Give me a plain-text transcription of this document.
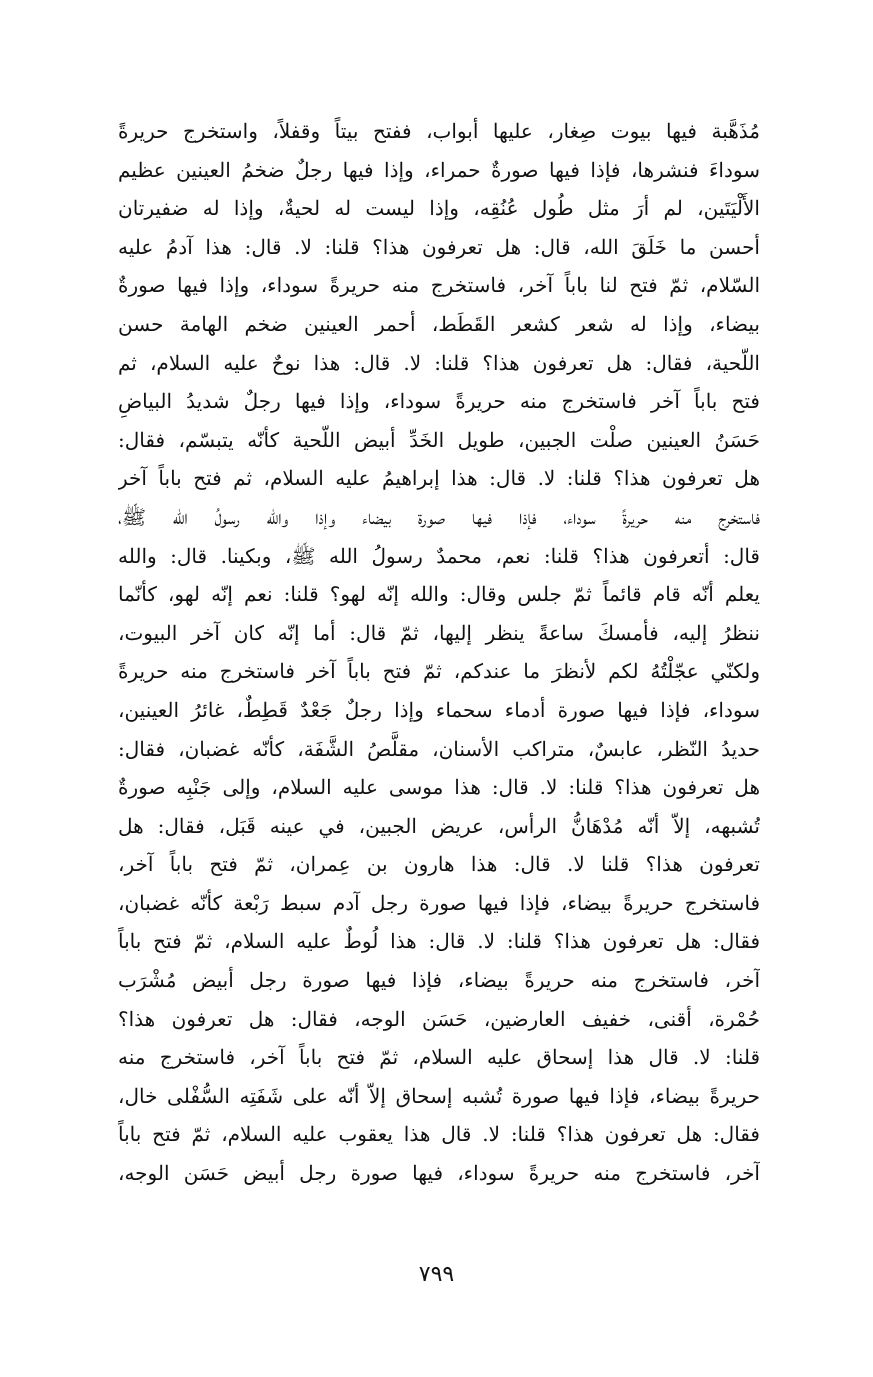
مُذَهَّبة فيها بيوت صِغار، عليها أبواب، ففتح بيتاً وقفلاً، واستخرج حريرةً
سوداءَ فنشرها، فإذا فيها صورةٌ حمراء، وإذا فيها رجلٌ ضخمُ العينين عظيم
الأَلْيَتَين، لم أرَ مثل طُول عُنُقِه، وإذا ليست له لحيةٌ، وإذا له ضفيرتان
أحسن ما خَلَقَ الله، قال: هل تعرفون هذا؟ قلنا: لا. قال: هذا آدمُ عليه
السّلام، ثمّ فتح لنا باباً آخر، فاستخرج منه حريرةً سوداء، وإذا فيها صورةٌ
بيضاء، وإذا له شعر كشعر القَطَط، أحمر العينين ضخم الهامة حسن
اللّحية، فقال: هل تعرفون هذا؟ قلنا: لا. قال: هذا نوحٌ عليه السلام، ثم
فتح باباً آخر فاستخرج منه حريرةً سوداء، وإذا فيها رجلٌ شديدُ البياضِ
حَسَنُ العينين صلْت الجبين، طويل الخَدِّ أبيض اللّحية كأنّه يتبسّم، فقال:
هل تعرفون هذا؟ قلنا: لا. قال: هذا إبراهيمُ عليه السلام، ثم فتح باباً آخر
فاستخرج منه حريرةً سوداء، فإذا فيها صورة بيضاء وإذا والله رسولُ الله ﷺ،
قال: أتعرفون هذا؟ قلنا: نعم، محمدٌ رسولُ الله ﷺ، وبكينا. قال: والله
يعلم أنّه قام قائماً ثمّ جلس وقال: والله إنّه لهو؟ قلنا: نعم إنّه لهو، كأنّما
ننظرُ إليه، فأمسكَ ساعةً ينظر إليها، ثمّ قال: أما إنّه كان آخر البيوت،
ولكنّي عجّلْتُهُ لكم لأنظرَ ما عندكم، ثمّ فتح باباً آخر فاستخرج منه حريرةً
سوداء، فإذا فيها صورة أدماء سحماء وإذا رجلٌ جَعْدٌ قَطِطٌ، غائرُ العينين،
حديدُ النّظر، عابسٌ، متراكب الأسنان، مقلَّصُ الشَّفَة، كأنّه غضبان، فقال:
هل تعرفون هذا؟ قلنا: لا. قال: هذا موسى عليه السلام، وإلى جَنْبِه صورةٌ
تُشبهه، إلاّ أنّه مُدْهَانُّ الرأس، عريض الجبين، في عينه قَبَل، فقال: هل
تعرفون هذا؟ قلنا لا. قال: هذا هارون بن عِمران، ثمّ فتح باباً آخر،
فاستخرج حريرةً بيضاء، فإذا فيها صورة رجل آدم سبط رَبْعة كأنّه غضبان،
فقال: هل تعرفون هذا؟ قلنا: لا. قال: هذا لُوطٌ عليه السلام، ثمّ فتح باباً
آخر، فاستخرج منه حريرةً بيضاء، فإذا فيها صورة رجل أبيض مُشْرَب
حُمْرة، أقنى، خفيف العارضين، حَسَن الوجه، فقال: هل تعرفون هذا؟
قلنا: لا. قال هذا إسحاق عليه السلام، ثمّ فتح باباً آخر، فاستخرج منه
حريرةً بيضاء، فإذا فيها صورة تُشبه إسحاق إلاّ أنّه على شَفَتِه السُّفْلى خال،
فقال: هل تعرفون هذا؟ قلنا: لا. قال هذا يعقوب عليه السلام، ثمّ فتح باباً
آخر، فاستخرج منه حريرةً سوداء، فيها صورة رجل أبيض حَسَن الوجه،
٧٩٩
